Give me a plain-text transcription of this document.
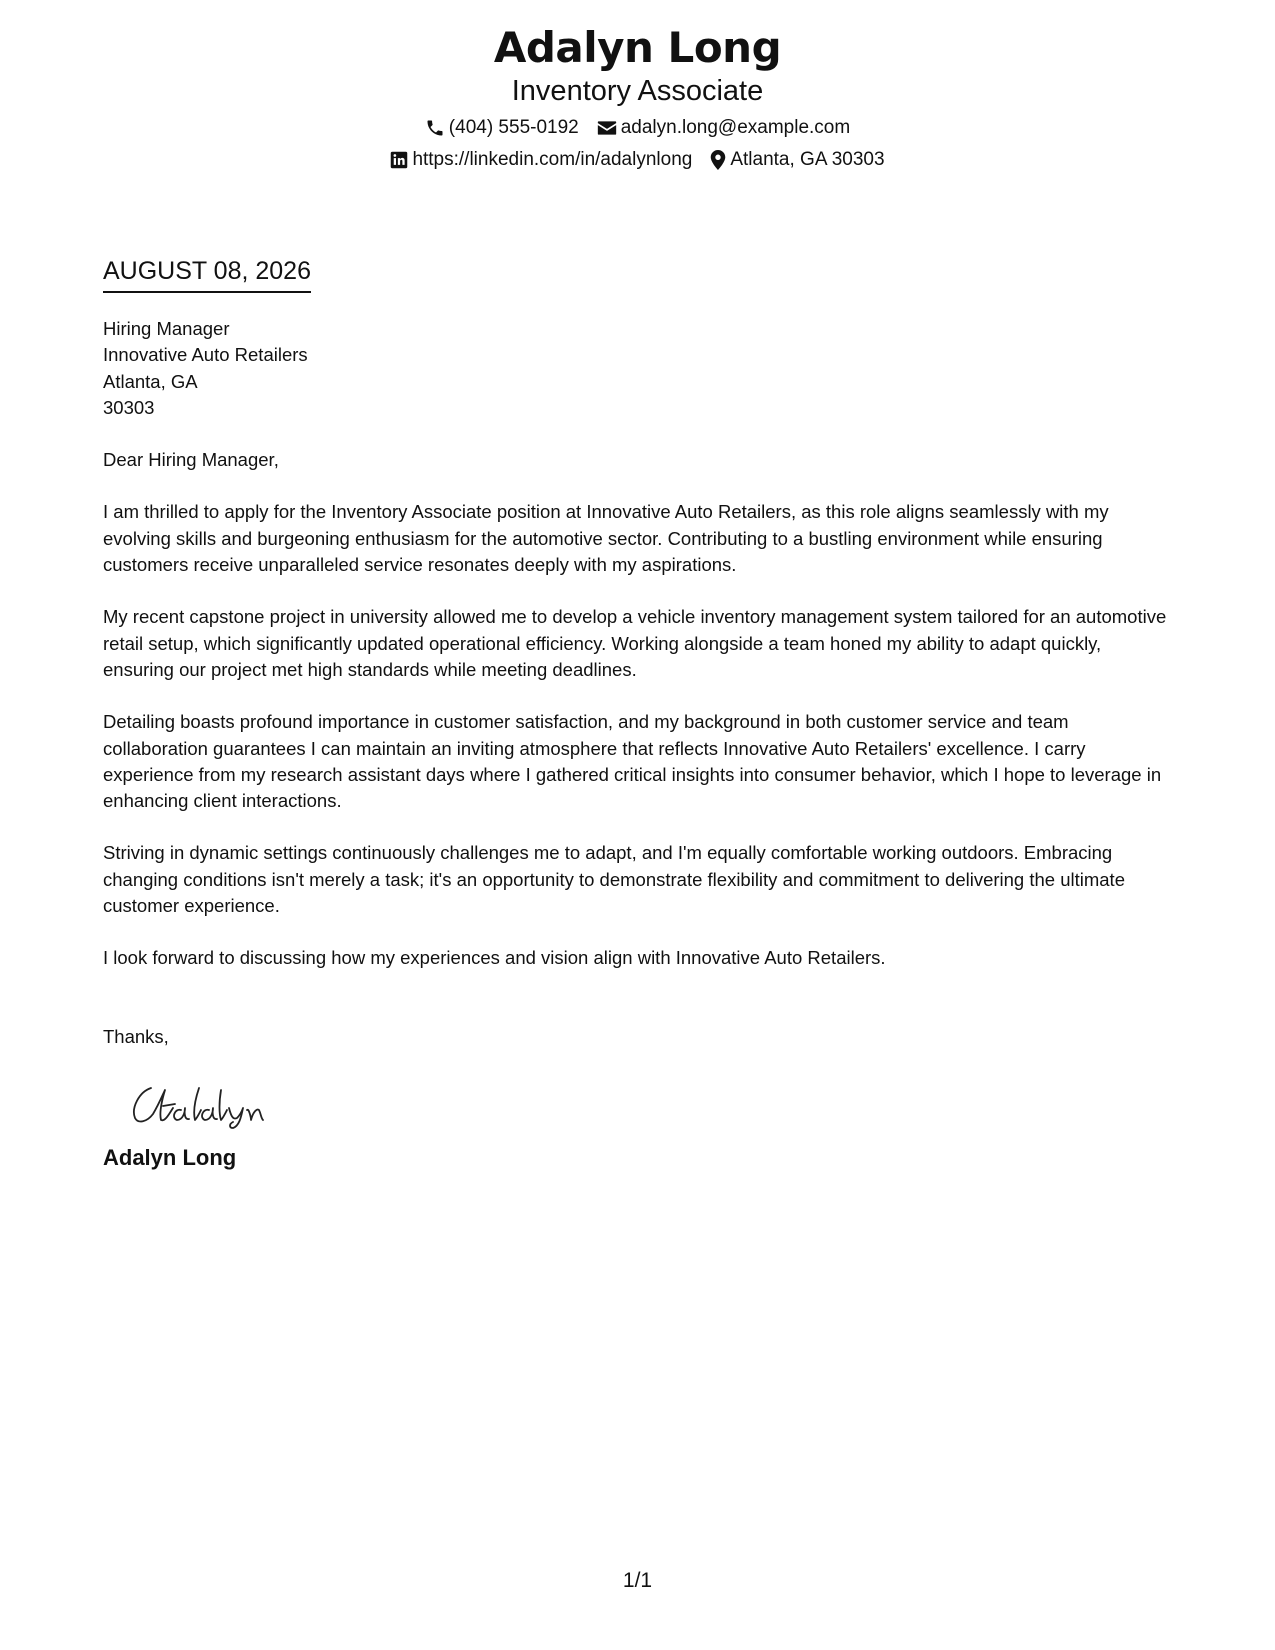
Adalyn Long
Inventory Associate
(404) 555-0192 adalyn.long@example.com
https://linkedin.com/in/adalynlong Atlanta, GA 30303
AUGUST 08, 2026
Hiring Manager
Innovative Auto Retailers
Atlanta, GA
30303

Dear Hiring Manager,

I am thrilled to apply for the Inventory Associate position at Innovative Auto Retailers, as this role aligns seamlessly with my evolving skills and burgeoning enthusiasm for the automotive sector. Contributing to a bustling environment while ensuring customers receive unparalleled service resonates deeply with my aspirations.

My recent capstone project in university allowed me to develop a vehicle inventory management system tailored for an automotive retail setup, which significantly updated operational efficiency. Working alongside a team honed my ability to adapt quickly, ensuring our project met high standards while meeting deadlines.

Detailing boasts profound importance in customer satisfaction, and my background in both customer service and team collaboration guarantees I can maintain an inviting atmosphere that reflects Innovative Auto Retailers' excellence. I carry experience from my research assistant days where I gathered critical insights into consumer behavior, which I hope to leverage in enhancing client interactions.

Striving in dynamic settings continuously challenges me to adapt, and I'm equally comfortable working outdoors. Embracing changing conditions isn't merely a task; it's an opportunity to demonstrate flexibility and commitment to delivering the ultimate customer experience.

I look forward to discussing how my experiences and vision align with Innovative Auto Retailers.

Thanks,

Adalyn Long
1/1
